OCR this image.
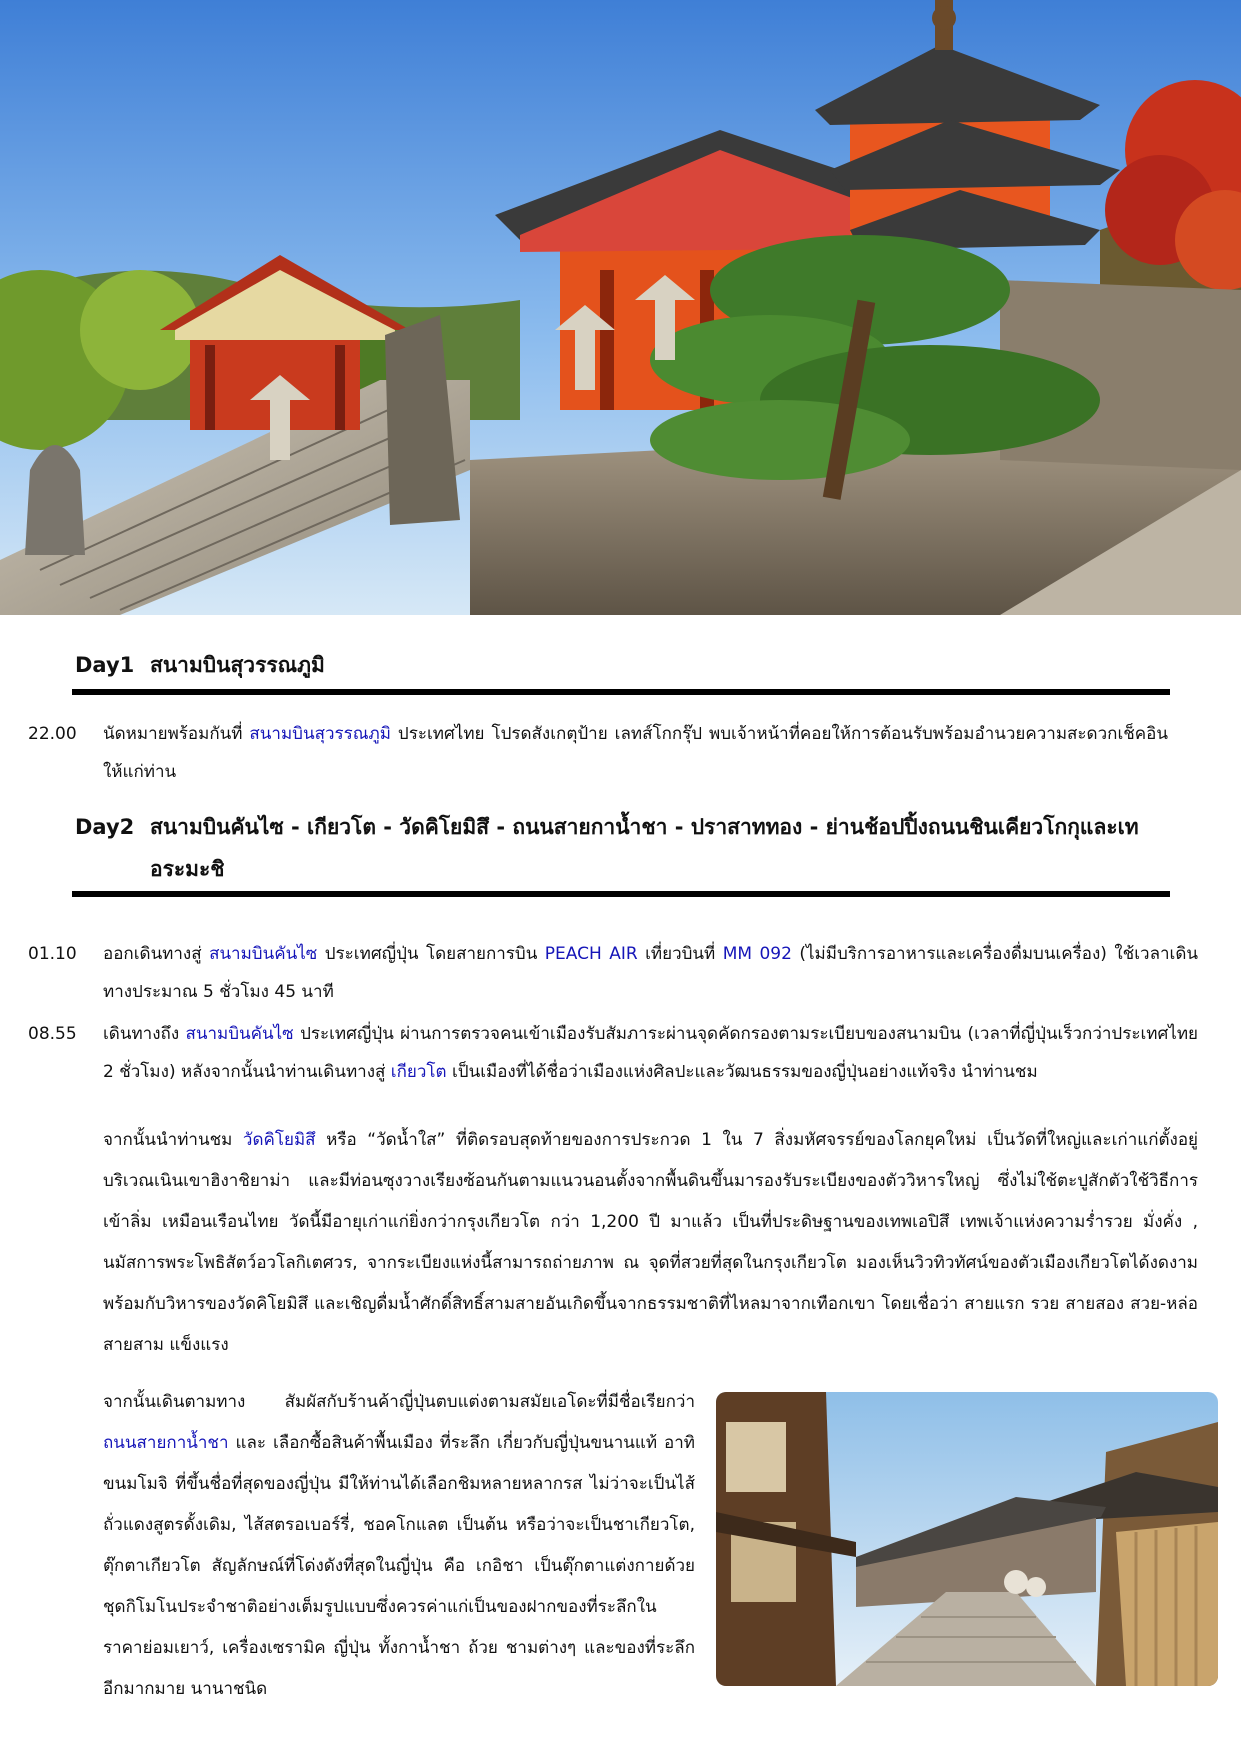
Day1 สนามบินสุวรรณภูมิ
22.00	นัดหมายพร้อมกันที่ สนามบินสุวรรณภูมิ ประเทศไทย โปรดสังเกตุป้าย เลทส์โกกรุ๊ป พบเจ้าหน้าที่คอยให้การต้อนรับพร้อมอำนวยความสะดวกเช็คอินให้แก่ท่าน
Day2 สนามบินคันไซ - เกียวโต - วัดคิโยมิสึ - ถนนสายกาน้ำชา - ปราสาททอง - ย่านช้อปปิ้งถนนชินเคียวโกกุและเทอระมะชิ
01.10	ออกเดินทางสู่ สนามบินคันไซ ประเทศญี่ปุ่น โดยสายการบิน PEACH AIR เที่ยวบินที่ MM 092 (ไม่มีบริการอาหารและเครื่องดื่มบนเครื่อง) ใช้เวลาเดินทางประมาณ 5 ชั่วโมง 45 นาที
08.55	เดินทางถึง สนามบินคันไซ ประเทศญี่ปุ่น ผ่านการตรวจคนเข้าเมืองรับสัมภาระผ่านจุดคัดกรองตามระเบียบของสนามบิน (เวลาที่ญี่ปุ่นเร็วกว่าประเทศไทย 2 ชั่วโมง) หลังจากนั้นนำท่านเดินทางสู่ เกียวโต เป็นเมืองที่ได้ชื่อว่าเมืองแห่งศิลปะและวัฒนธรรมของญี่ปุ่นอย่างแท้จริง นำท่านชม
จากนั้นนำท่านชม วัดคิโยมิสึ หรือ “วัดน้ำใส” ที่ติดรอบสุดท้ายของการประกวด 1 ใน 7 สิ่งมหัศจรรย์ของโลกยุคใหม่ เป็นวัดที่ใหญ่และเก่าแก่ตั้งอยู่บริเวณเนินเขาฮิงาชิยาม่า และมีท่อนซุงวางเรียงซ้อนกันตามแนวนอนตั้งจากพื้นดินขึ้นมารองรับระเบียงของตัววิหารใหญ่ ซึ่งไม่ใช้ตะปูสักตัวใช้วิธีการเข้าลิ่ม เหมือนเรือนไทย วัดนี้มีอายุเก่าแก่ยิ่งกว่ากรุงเกียวโต กว่า 1,200 ปี มาแล้ว เป็นที่ประดิษฐานของเทพเอปิสึ เทพเจ้าแห่งความร่ำรวย มั่งคั่ง , นมัสการพระโพธิสัตว์อวโลกิเตศวร, จากระเบียงแห่งนี้สามารถถ่ายภาพ ณ จุดที่สวยที่สุดในกรุงเกียวโต มองเห็นวิวทิวทัศน์ของตัวเมืองเกียวโตได้งดงาม พร้อมกับวิหารของวัดคิโยมิสึ และเชิญดื่มน้ำศักดิ์สิทธิ์สามสายอันเกิดขึ้นจากธรรมชาติที่ไหลมาจากเทือกเขา โดยเชื่อว่า สายแรก รวย สายสอง สวย-หล่อ สายสาม แข็งแรง
จากนั้นเดินตามทาง สัมผัสกับร้านค้าญี่ปุ่นตบแต่งตามสมัยเอโดะที่มีชื่อเรียกว่า ถนนสายกาน้ำชา และ เลือกซื้อสินค้าพื้นเมือง ที่ระลึก เกี่ยวกับญี่ปุ่นขนานแท้ อาทิ ขนมโมจิ ที่ขึ้นชื่อที่สุดของญี่ปุ่น มีให้ท่านได้เลือกชิมหลายหลากรส ไม่ว่าจะเป็นไส้ถั่วแดงสูตรดั้งเดิม, ไส้สตรอเบอร์รี่, ชอคโกแลต เป็นต้น หรือว่าจะเป็นชาเกียวโต, ตุ๊กตาเกียวโต สัญลักษณ์ที่โด่งดังที่สุดในญี่ปุ่น คือ เกอิชา เป็นตุ๊กตาแต่งกายด้วยชุดกิโมโนประจำชาติอย่างเต็มรูปแบบซึ่งควรค่าแก่เป็นของฝากของที่ระลึกในราคาย่อมเยาว์, เครื่องเซรามิค ญี่ปุ่น ทั้งกาน้ำชา ถ้วย ชามต่างๆ และของที่ระลึก อีกมากมาย นานาชนิด
